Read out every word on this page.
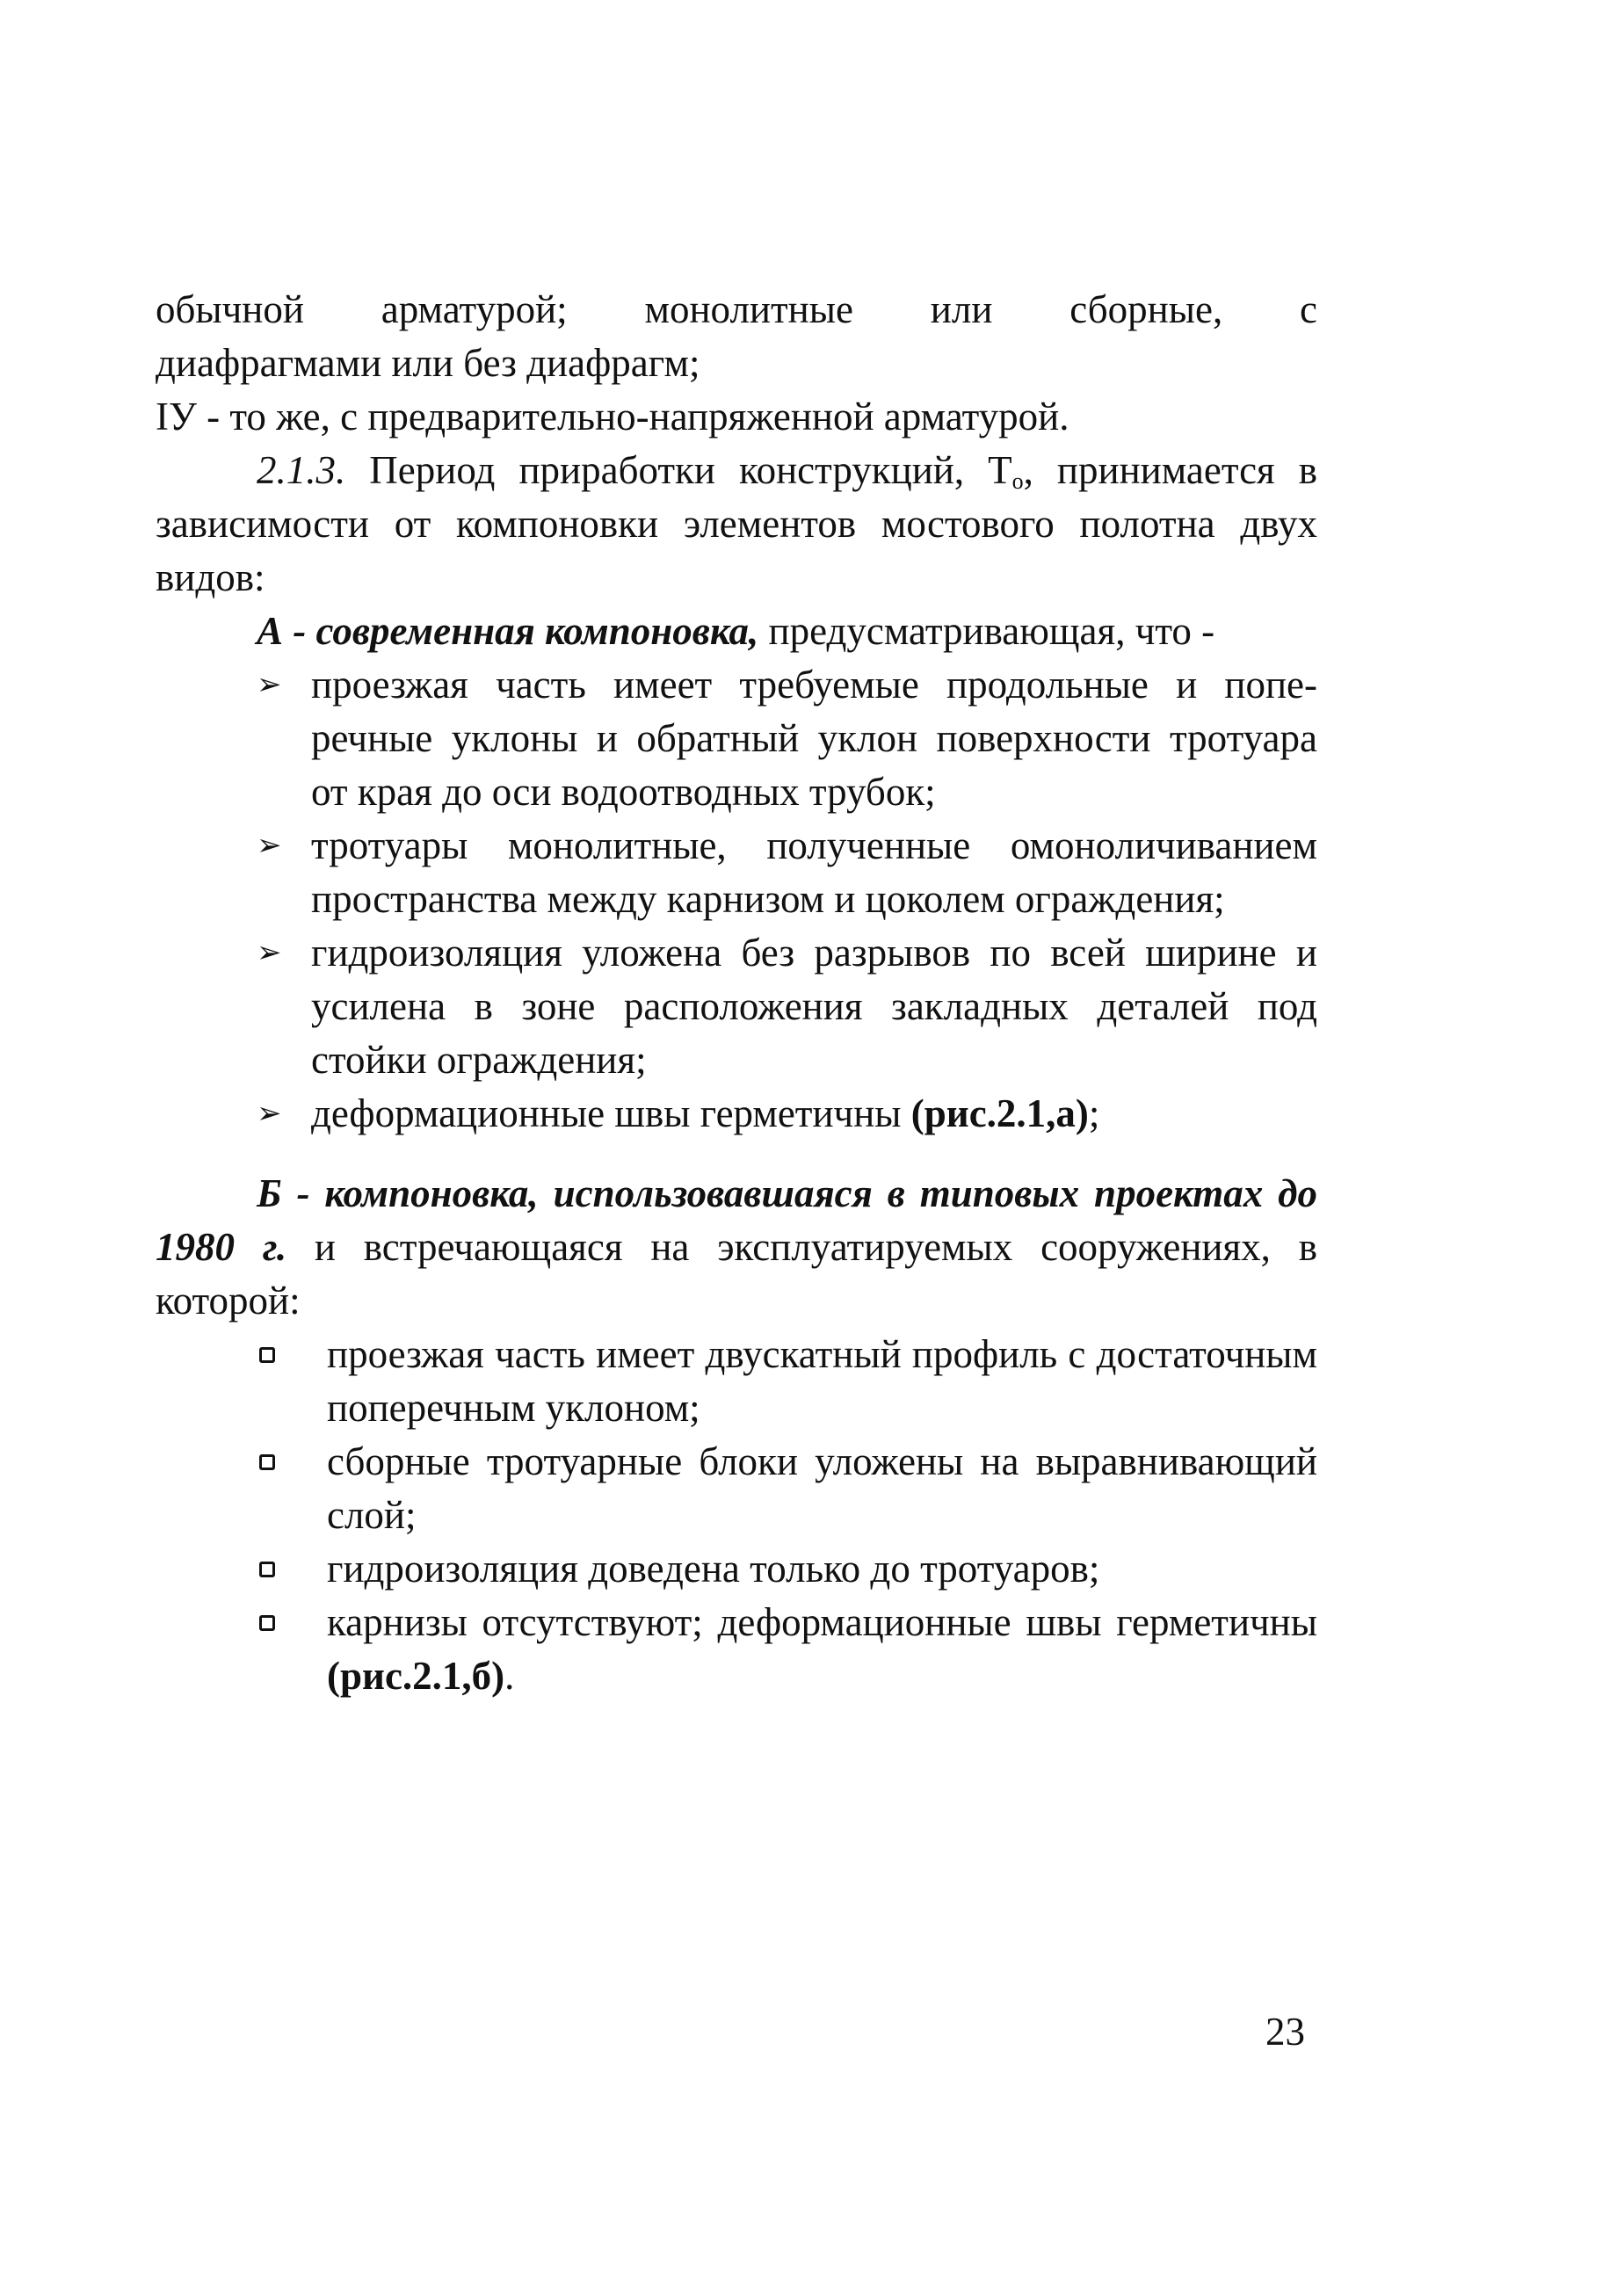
обычной арматурой; монолитные или сборные, с
диафрагмами или без диафрагм;
IУ - то же, с предварительно-напряженной арматурой.
2.1.3. Период приработки конструкций, $Т_о$, принимается в
зависимости от компоновки элементов мостового полотна двух
видов:
А - современная компоновка, предусматривающая, что -
➢ проезжая часть имеет требуемые продольные и попе-
речные уклоны и обратный уклон поверхности тротуара
от края до оси водоотводных трубок;
➢ тротуары монолитные, полученные омоноличиванием
пространства между карнизом и цоколем ограждения;
➢ гидроизоляция уложена без разрывов по всей ширине и
усилена в зоне расположения закладных деталей под
стойки ограждения;
➢ деформационные швы герметичны (рис.2.1,а);
Б - компоновка, использовавшаяся в типовых проектах до
1980 г. и встречающаяся на эксплуатируемых сооружениях, в
которой:
проезжая часть имеет двускатный профиль с достаточным
поперечным уклоном;
сборные тротуарные блоки уложены на выравнивающий
слой;
гидроизоляция доведена только до тротуаров;
карнизы отсутствуют; деформационные швы герметичны
(рис.2.1,б).
23
